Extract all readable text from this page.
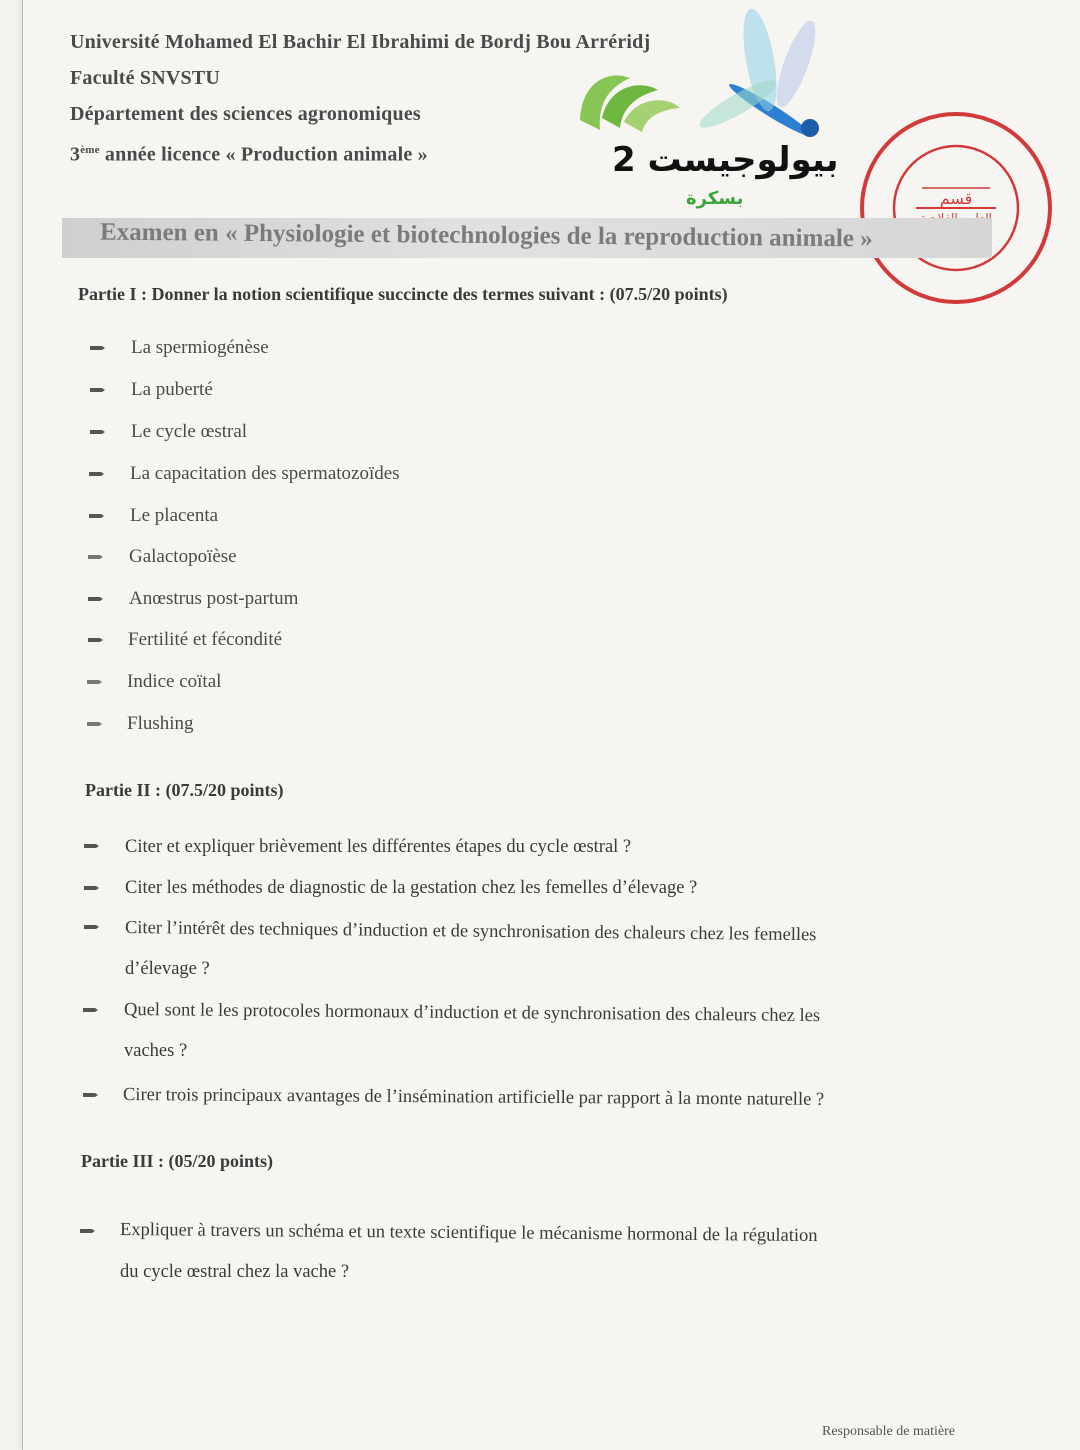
Université Mohamed El Bachir El Ibrahimi de Bordj Bou Arréridj
Faculté SNVSTU
Département des sciences agronomiques
3ème année licence « Production animale »	بيولوجيست 2
بسكرة	قسم
Examen en « Physiologie et biotechnologies de la reproduction animale »
Partie I : Donner la notion scientifique succincte des termes suivant : (07.5/20 points)
La spermiogénèse
La puberté
Le cycle œstral
La capacitation des spermatozoïdes
Le placenta
Galactopoïèse
Anœstrus post-partum
Fertilité et fécondité
Indice coïtal
Flushing
Partie II : (07.5/20 points)
Citer et expliquer brièvement les différentes étapes du cycle œstral ?
Citer les méthodes de diagnostic de la gestation chez les femelles d’élevage ?
Citer l’intérêt des techniques d’induction et de synchronisation des chaleurs chez les femelles
d’élevage ?
Quel sont le les protocoles hormonaux d’induction et de synchronisation des chaleurs chez les
vaches ?
Cirer trois principaux avantages de l’insémination artificielle par rapport à la monte naturelle ?
Partie III : (05/20 points)
Expliquer à travers un schéma et un texte scientifique le mécanisme hormonal de la régulation
du cycle œstral chez la vache ?
Responsable de matière
